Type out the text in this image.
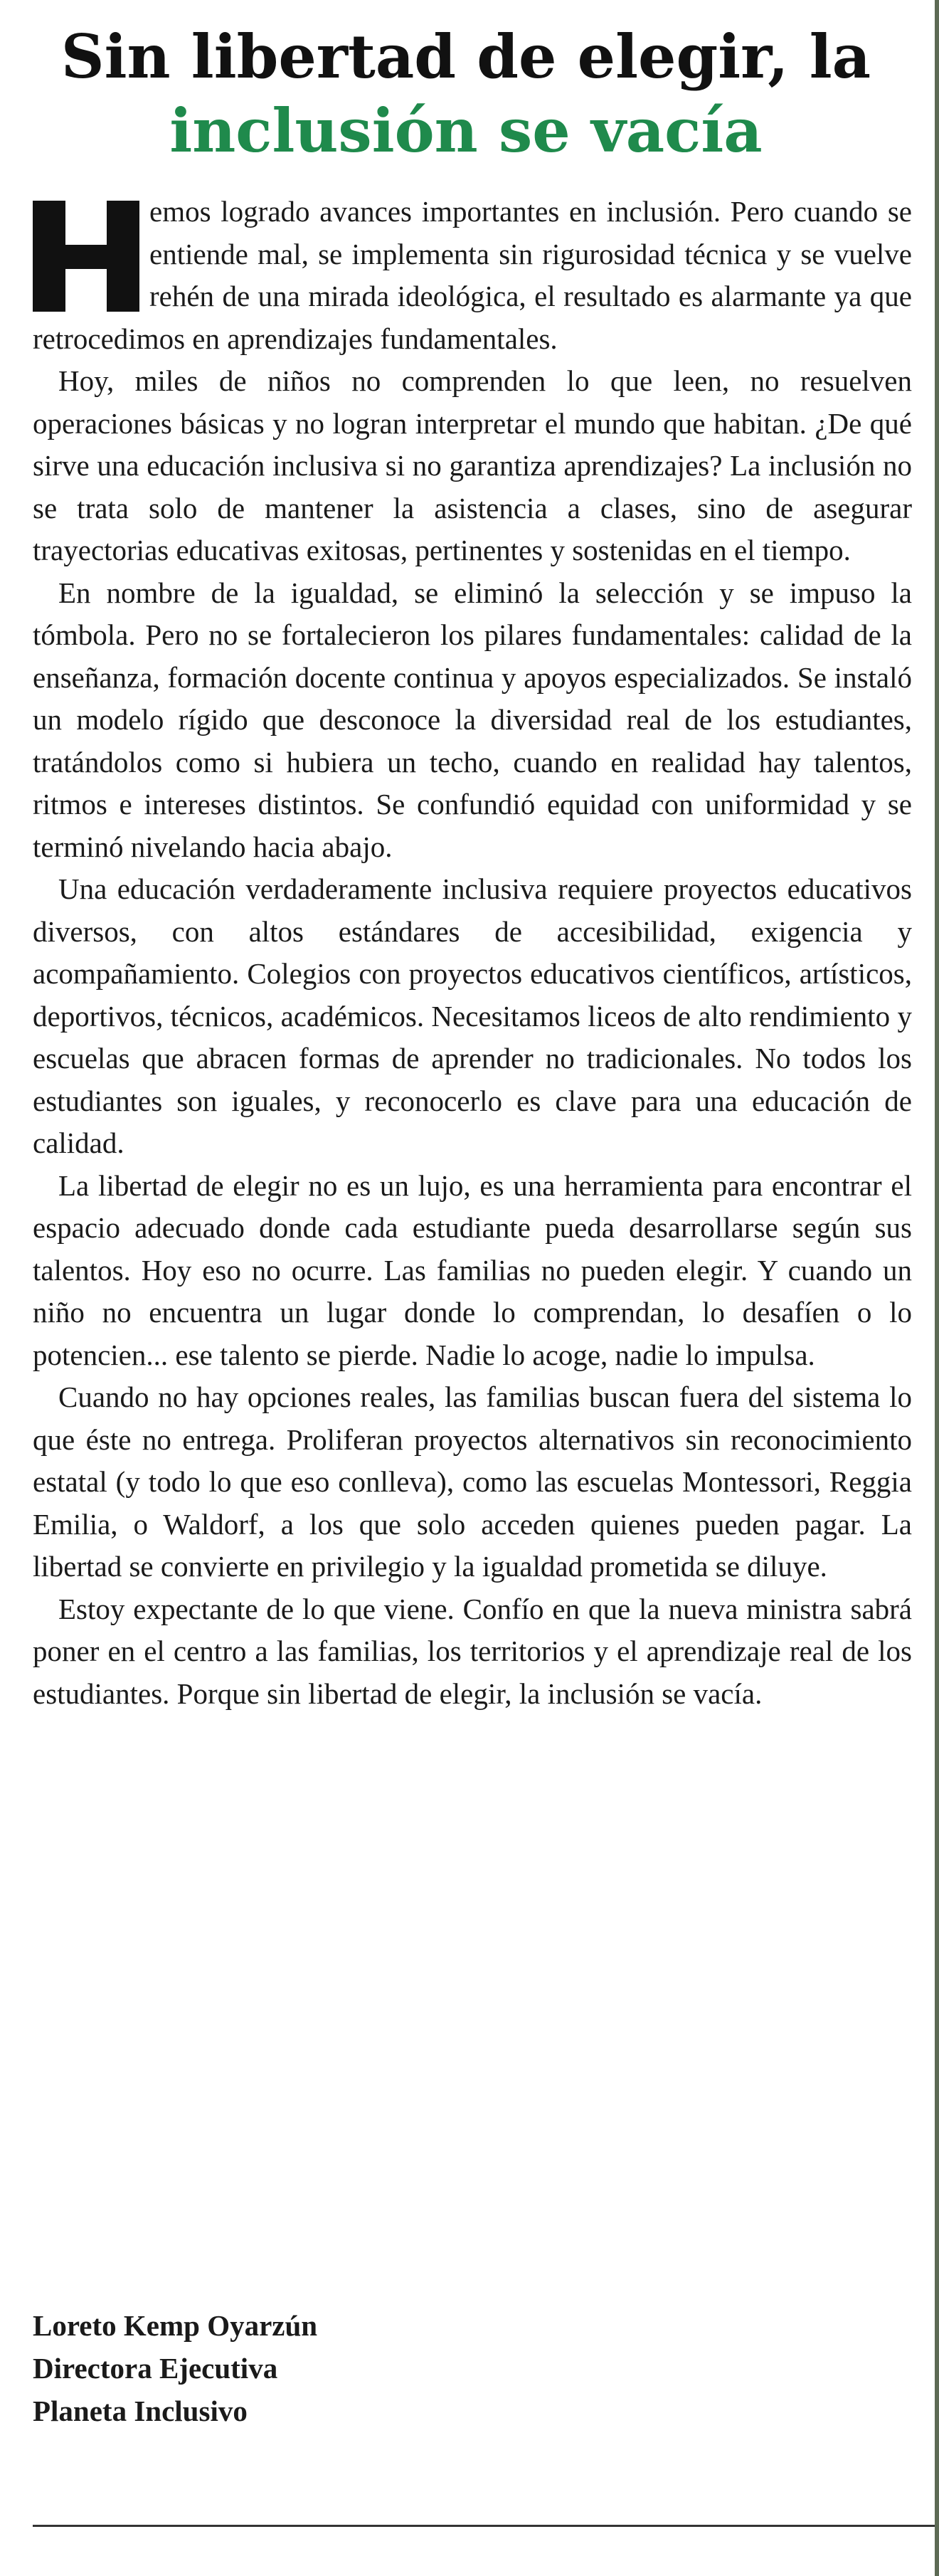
Sin libertad de elegir, la
inclusión se vacía

emos logrado avances importantes en inclusión. Pero cuando se entiende mal, se implementa sin rigurosidad técnica y se vuelve rehén de una mirada ideológica, el resultado es alarmante ya que retrocedimos en aprendizajes fundamentales.

Hoy, miles de niños no comprenden lo que leen, no resuelven operaciones básicas y no logran interpretar el mundo que habitan. ¿De qué sirve una educación inclusiva si no garantiza aprendizajes? La inclusión no se trata solo de mantener la asistencia a clases, sino de asegurar trayectorias educativas exitosas, pertinentes y sostenidas en el tiempo.

En nombre de la igualdad, se eliminó la selección y se impuso la tómbola. Pero no se fortalecieron los pilares fundamentales: calidad de la enseñanza, formación docente continua y apoyos especializados. Se instaló un modelo rígido que desconoce la diversidad real de los estudiantes, tratándolos como si hubiera un techo, cuando en realidad hay talentos, ritmos e intereses distintos. Se confundió equidad con uniformidad y se terminó nivelando hacia abajo.

Una educación verdaderamente inclusiva requiere proyectos educativos diversos, con altos estándares de accesibilidad, exigencia y acompañamiento. Colegios con proyectos educativos científicos, artísticos, deportivos, técnicos, académicos. Necesitamos liceos de alto rendimiento y escuelas que abracen formas de aprender no tradicionales. No todos los estudiantes son iguales, y reconocerlo es clave para una educación de calidad.

La libertad de elegir no es un lujo, es una herramienta para encontrar el espacio adecuado donde cada estudiante pueda desarrollarse según sus talentos. Hoy eso no ocurre. Las familias no pueden elegir. Y cuando un niño no encuentra un lugar donde lo comprendan, lo desafíen o lo potencien... ese talento se pierde. Nadie lo acoge, nadie lo impulsa.

Cuando no hay opciones reales, las familias buscan fuera del sistema lo que éste no entrega. Proliferan proyectos alternativos sin reconocimiento estatal (y todo lo que eso conlleva), como las escuelas Montessori, Reggia Emilia, o Waldorf, a los que solo acceden quienes pueden pagar. La libertad se convierte en privilegio y la igualdad prometida se diluye.

Estoy expectante de lo que viene. Confío en que la nueva ministra sabrá poner en el centro a las familias, los territorios y el aprendizaje real de los estudiantes. Porque sin libertad de elegir, la inclusión se vacía.

Loreto Kemp Oyarzún
Directora Ejecutiva
Planeta Inclusivo
